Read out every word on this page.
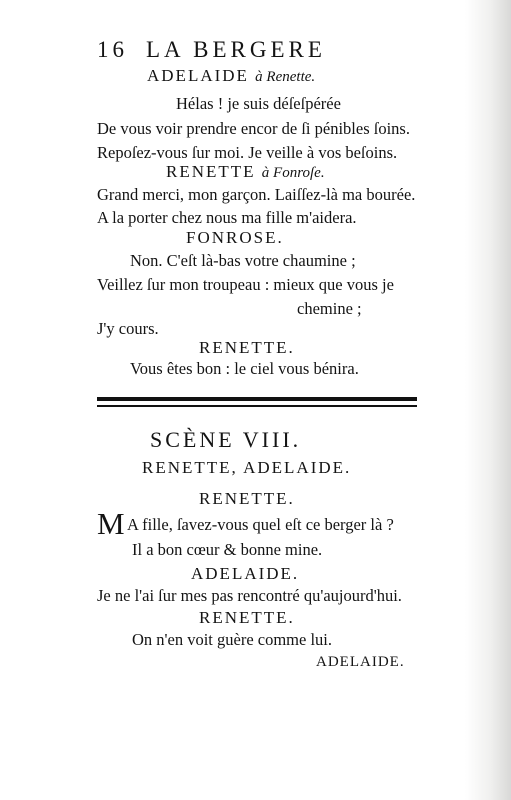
16 LA BERGERE
ADELAIDE à Renette.
Hélas ! je suis déſeſpérée
De vous voir prendre encor de ſi pénibles ſoins.
Repoſez-vous ſur moi. Je veille à vos beſoins.
RENETTE à Fonroſe.
Grand merci, mon garçon. Laiſſez-là ma bourée.
A la porter chez nous ma fille m'aidera.
FONROSE.
Non. C'eſt là-bas votre chaumine ;
Veillez ſur mon troupeau : mieux que vous je
chemine ;
J'y cours.
RENETTE.
Vous êtes bon : le ciel vous bénira.
SCÈNE VIII.
RENETTE, ADELAIDE.
RENETTE.
M A fille, ſavez-vous quel eſt ce berger là ?
Il a bon cœur & bonne mine.
ADELAIDE.
Je ne l'ai ſur mes pas rencontré qu'aujourd'hui.
RENETTE.
On n'en voit guère comme lui.
ADELAIDE.
